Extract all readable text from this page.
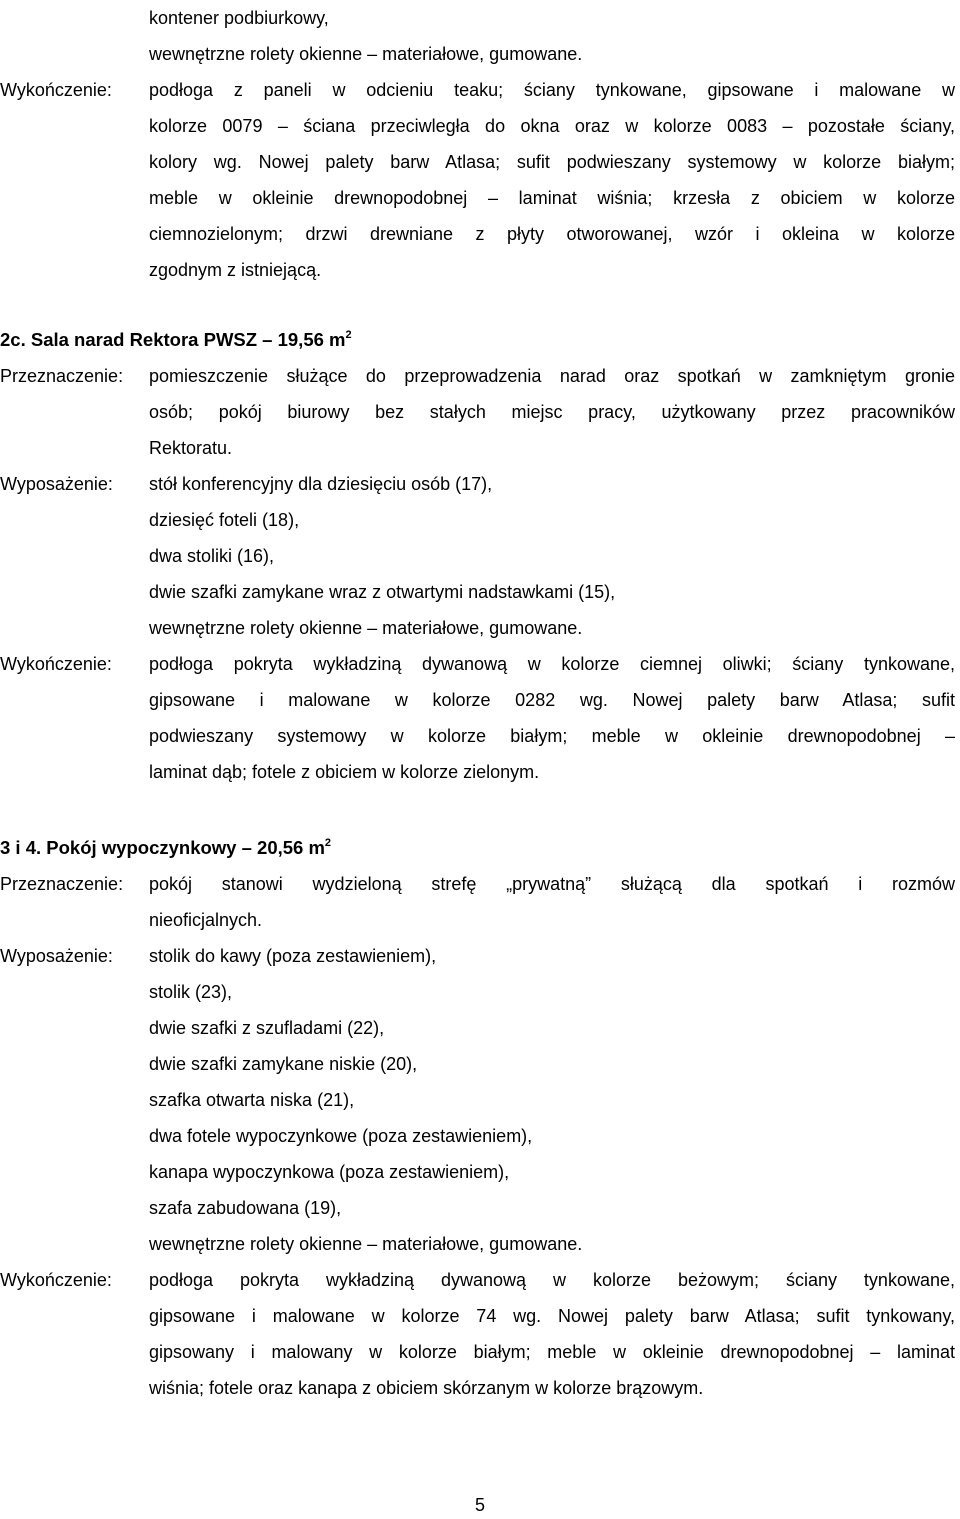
kontener podbiurkowy,
wewnętrzne rolety okienne – materiałowe, gumowane.
Wykończenie:	podłoga z paneli w odcieniu teaku; ściany tynkowane, gipsowane i malowane w
kolorze 0079 – ściana przeciwległa do okna oraz w kolorze 0083 – pozostałe ściany,
kolory wg. Nowej palety barw Atlasa; sufit podwieszany systemowy w kolorze białym;
meble w okleinie drewnopodobnej – laminat wiśnia; krzesła z obiciem w kolorze
ciemnozielonym; drzwi drewniane z płyty otworowanej, wzór i okleina w kolorze
zgodnym z istniejącą.
2c. Sala narad Rektora PWSZ – 19,56 $m^2$
Przeznaczenie:	pomieszczenie służące do przeprowadzenia narad oraz spotkań w zamkniętym gronie
osób; pokój biurowy bez stałych miejsc pracy, użytkowany przez pracowników
Rektoratu.
Wyposażenie:	stół konferencyjny dla dziesięciu osób (17),
dziesięć foteli (18),
dwa stoliki (16),
dwie szafki zamykane wraz z otwartymi nadstawkami (15),
wewnętrzne rolety okienne – materiałowe, gumowane.
Wykończenie:	podłoga pokryta wykładziną dywanową w kolorze ciemnej oliwki; ściany tynkowane,
gipsowane i malowane w kolorze 0282 wg. Nowej palety barw Atlasa; sufit
podwieszany systemowy w kolorze białym; meble w okleinie drewnopodobnej –
laminat dąb; fotele z obiciem w kolorze zielonym.
3 i 4. Pokój wypoczynkowy – 20,56 $m^2$
Przeznaczenie:	pokój stanowi wydzieloną strefę „prywatną” służącą dla spotkań i rozmów
nieoficjalnych.
Wyposażenie:	stolik do kawy (poza zestawieniem),
stolik (23),
dwie szafki z szufladami (22),
dwie szafki zamykane niskie (20),
szafka otwarta niska (21),
dwa fotele wypoczynkowe (poza zestawieniem),
kanapa wypoczynkowa (poza zestawieniem),
szafa zabudowana (19),
wewnętrzne rolety okienne – materiałowe, gumowane.
Wykończenie:	podłoga pokryta wykładziną dywanową w kolorze beżowym; ściany tynkowane,
gipsowane i malowane w kolorze 74 wg. Nowej palety barw Atlasa; sufit tynkowany,
gipsowany i malowany w kolorze białym; meble w okleinie drewnopodobnej – laminat
wiśnia; fotele oraz kanapa z obiciem skórzanym w kolorze brązowym.
5
